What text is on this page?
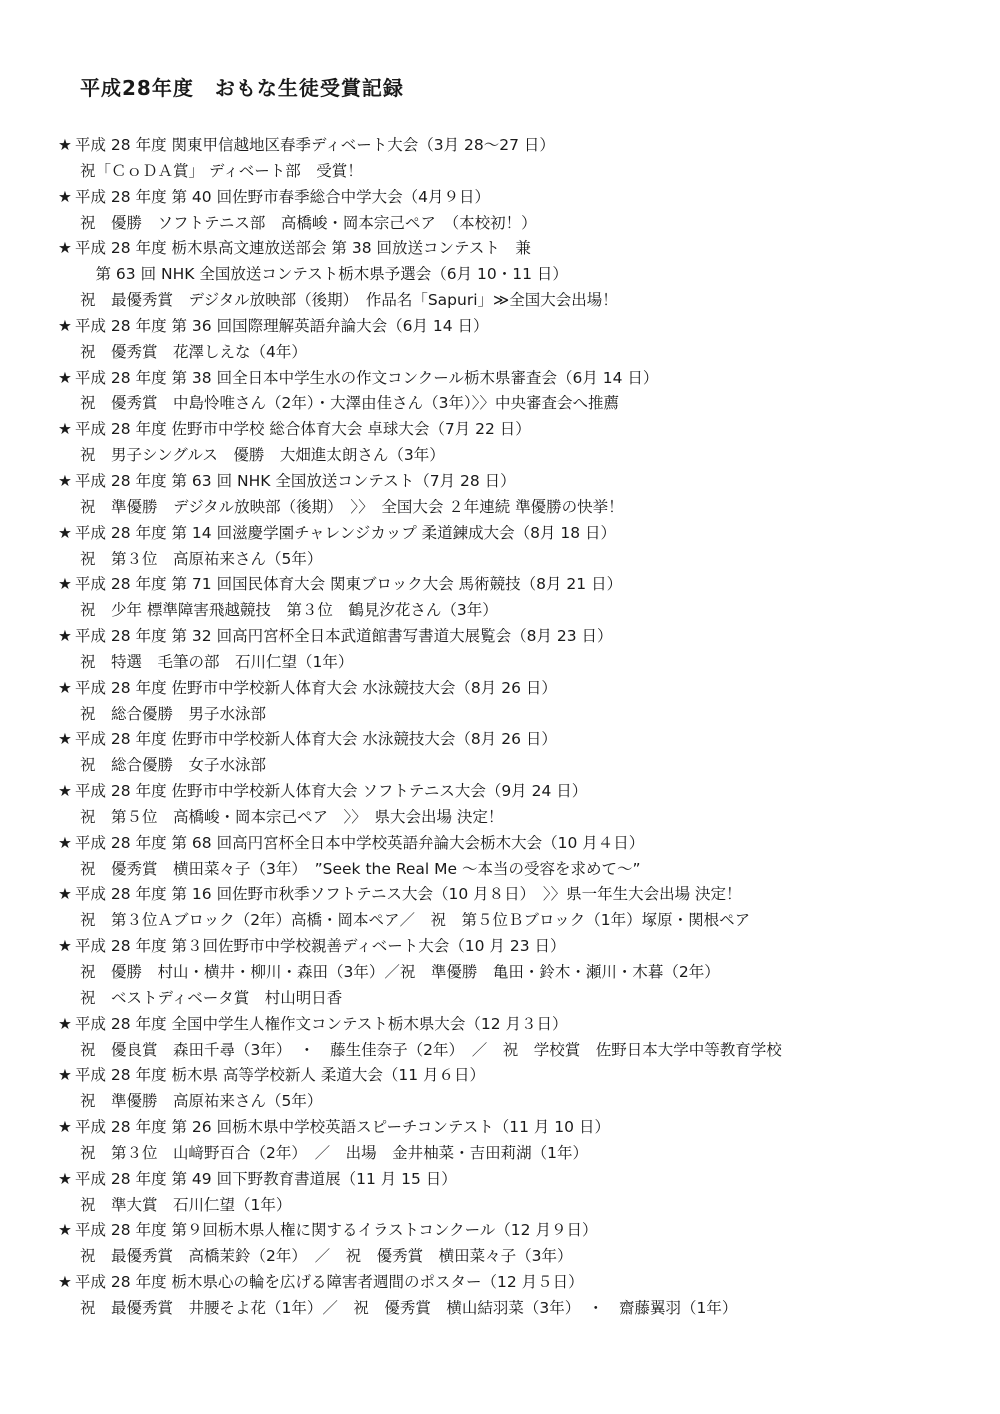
平成28年度　おもな生徒受賞記録
★ 平成 28 年度 関東甲信越地区春季ディベート大会（3月 28～27 日）
祝「ＣｏＤＡ賞」 ディベート部　受賞！
★ 平成 28 年度 第 40 回佐野市春季総合中学大会（4月９日）
祝　優勝　ソフトテニス部　高橋峻・岡本宗己ペア　（本校初！）
★ 平成 28 年度 栃木県高文連放送部会 第 38 回放送コンテスト　兼
　第 63 回 NHK 全国放送コンテスト栃木県予選会（6月 10・11 日）
祝　最優秀賞　デジタル放映部（後期）　作品名「Sapuri」≫全国大会出場！
★ 平成 28 年度 第 36 回国際理解英語弁論大会（6月 14 日）
祝　優秀賞　花澤しえな（4年）
★ 平成 28 年度 第 38 回全日本中学生水の作文コンクール栃木県審査会（6月 14 日）
祝　優秀賞　中島怜唯さん（2年）・大澤由佳さん（3年）〉〉中央審査会へ推薦
★ 平成 28 年度 佐野市中学校 総合体育大会 卓球大会（7月 22 日）
祝　男子シングルス　優勝　大畑進太朗さん（3年）
★ 平成 28 年度 第 63 回 NHK 全国放送コンテスト（7月 28 日）
祝　準優勝　デジタル放映部（後期）　〉〉　全国大会 ２年連続 準優勝の快挙！
★ 平成 28 年度 第 14 回滋慶学園チャレンジカップ 柔道錬成大会（8月 18 日）
祝　第３位　高原祐来さん（5年）
★ 平成 28 年度 第 71 回国民体育大会 関東ブロック大会 馬術競技（8月 21 日）
祝　少年 標準障害飛越競技　第３位　鶴見汐花さん（3年）
★ 平成 28 年度 第 32 回高円宮杯全日本武道館書写書道大展覧会（8月 23 日）
祝　特選　毛筆の部　石川仁望（1年）
★ 平成 28 年度 佐野市中学校新人体育大会 水泳競技大会（8月 26 日）
祝　総合優勝　男子水泳部
★ 平成 28 年度 佐野市中学校新人体育大会 水泳競技大会（8月 26 日）
祝　総合優勝　女子水泳部
★ 平成 28 年度 佐野市中学校新人体育大会 ソフトテニス大会（9月 24 日）
祝　第５位　高橋峻・岡本宗己ペア　〉〉　県大会出場 決定！
★ 平成 28 年度 第 68 回高円宮杯全日本中学校英語弁論大会栃木大会（10 月４日）
祝　優秀賞　横田菜々子（3年）　”Seek the Real Me ～本当の受容を求めて～”
★ 平成 28 年度 第 16 回佐野市秋季ソフトテニス大会（10 月８日）　〉〉県一年生大会出場 決定！
祝　第３位Ａブロック（2年）高橋・岡本ペア／　祝　第５位Ｂブロック（1年）塚原・関根ペア
★ 平成 28 年度 第３回佐野市中学校親善ディベート大会（10 月 23 日）
祝　優勝　村山・横井・柳川・森田（3年）／祝　準優勝　亀田・鈴木・瀬川・木暮（2年）
祝　ベストディベータ賞　村山明日香
★ 平成 28 年度 全国中学生人権作文コンテスト栃木県大会（12 月３日）
祝　優良賞　森田千尋（3年）　・　藤生佳奈子（2年）　／　祝　学校賞　佐野日本大学中等教育学校
★ 平成 28 年度 栃木県 高等学校新人 柔道大会（11 月６日）
祝　準優勝　高原祐来さん（5年）
★ 平成 28 年度 第 26 回栃木県中学校英語スピーチコンテスト（11 月 10 日）
祝　第３位　山﨑野百合（2年）　／　出場　金井柚菜・吉田莉湖（1年）
★ 平成 28 年度 第 49 回下野教育書道展（11 月 15 日）
祝　準大賞　石川仁望（1年）
★ 平成 28 年度 第９回栃木県人権に関するイラストコンクール（12 月９日）
祝　最優秀賞　高橋茉鈴（2年）　／　祝　優秀賞　横田菜々子（3年）
★ 平成 28 年度 栃木県心の輪を広げる障害者週間のポスター（12 月５日）
祝　最優秀賞　井腰そよ花（1年）／　祝　優秀賞　横山結羽菜（3年）　・　齋藤翼羽（1年）
